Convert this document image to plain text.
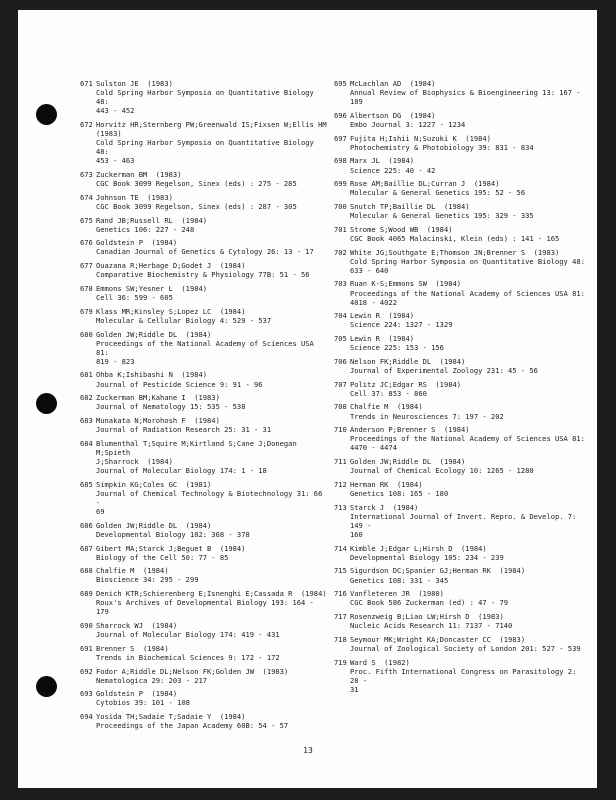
671 Sulston JE  (1983)
Cold Spring Harbor Symposia on Quantitative Biology 48:
443 - 452
672 Horvitz HR;Sternberg PW;Greenwald IS;Fixsen W;Ellis HM
(1983)
Cold Spring Harbor Symposia on Quantitative Biology 48:
453 - 463
673 Zuckerman BM  (1983)
CGC Book 3099 Regelson, Sinex (eds) : 275 - 285
674 Johnson TE  (1983)
CGC Book 3099 Regelson, Sinex (eds) : 287 - 305
675 Rand JB;Russell RL  (1984)
Genetics 106: 227 - 248
676 Goldstein P  (1984)
Canadian Journal of Genetics & Cytology 26: 13 - 17
677 Ouazana R;Herbage D;Godet J  (1984)
Comparative Biochemistry & Physiology 77B: 51 - 56
678 Emmons SW;Yesner L  (1984)
Cell 36: 599 - 605
679 Klass MR;Kinsley S;Lopez LC  (1984)
Molecular & Cellular Biology 4: 529 - 537
680 Golden JW;Riddle DL  (1984)
Proceedings of the National Academy of Sciences USA 81:
819 - 823
681 Ohba K;Ishibashi N  (1984)
Journal of Pesticide Science 9: 91 - 96
682 Zuckerman BM;Kahane I  (1983)
Journal of Nematology 15: 535 - 538
683 Munakata N;Morohosh F  (1984)
Journal of Radiation Research 25: 31 - 31
684 Blumenthal T;Squire M;Kirtland S;Cane J;Donegan M;Spieth
J;Sharrock  (1984)
Journal of Molecular Biology 174: 1 - 18
685 Simpkin KG;Coles GC  (1981)
Journal of Chemical Technology & Biotechnology 31: 66 -
69
686 Golden JW;Riddle DL  (1984)
Developmental Biology 102: 368 - 378
687 Gibert MA;Starck J;Beguet B  (1984)
Biology of the Cell 50: 77 - 85
688 Chalfie M  (1984)
Bioscience 34: 295 - 299
689 Denich KTR;Schierenberg E;Isnenghi E;Cassada R  (1984)
Roux's Archives of Developmental Biology 193: 164 - 179
690 Sharrock WJ  (1984)
Journal of Molecular Biology 174: 419 - 431
691 Brenner S  (1984)
Trends in Biochemical Sciences 9: 172 - 172
692 Fodor A;Riddle DL;Nelson FK;Golden JW  (1983)
Nematologica 29: 203 - 217
693 Goldstein P  (1984)
Cytobios 39: 101 - 108
694 Yosida TH;Sadaie T;Sadaie Y  (1984)
Proceedings of the Japan Academy 60B: 54 - 57
695 McLachlan AD  (1984)
Annual Review of Biophysics & Bioengineering 13: 167 - 189
696 Albertson DG  (1984)
Embo Journal 3: 1227 - 1234
697 Fujita H;Ishii N;Suzuki K  (1984)
Photochemistry & Photobiology 39: 831 - 834
698 Marx JL  (1984)
Science 225: 40 - 42
699 Rose AM;Baillie DL;Curran J  (1984)
Molecular & General Genetics 195: 52 - 56
700 Snutch TP;Baillie DL  (1984)
Molecular & General Genetics 195: 329 - 335
701 Strome S;Wood WB  (1984)
CGC Book 4065 Malacinski, Klein (eds) : 141 - 165
702 White JG;Southgate E;Thomson JN;Brenner S  (1983)
Cold Spring Harbor Symposia on Quantitative Biology 48:
633 - 640
703 Ruan K-S;Emmons SW  (1984)
Proceedings of the National Academy of Sciences USA 81:
4018 - 4022
704 Lewin R  (1984)
Science 224: 1327 - 1329
705 Lewin R  (1984)
Science 225: 153 - 156
706 Nelson FK;Riddle DL  (1984)
Journal of Experimental Zoology 231: 45 - 56
707 Politz JC;Edgar RS  (1984)
Cell 37: 853 - 860
708 Chalfie M  (1984)
Trends in Neurosciences 7: 197 - 202
710 Anderson P;Brenner S  (1984)
Proceedings of the National Academy of Sciences USA 81:
4470 - 4474
711 Golden JW;Riddle DL  (1984)
Journal of Chemical Ecology 10: 1265 - 1280
712 Herman RK  (1984)
Genetics 108: 165 - 180
713 Starck J  (1984)
International Journal of Invert. Repro. & Develop. 7: 149 -
160
714 Kimble J;Edgar L;Hirsh D  (1984)
Developmental Biology 105: 234 - 239
715 Sigurdson DC;Spanier GJ;Herman RK  (1984)
Genetics 108: 331 - 345
716 Vanfleteren JR  (1980)
CGC Book 586 Zuckerman (ed) : 47 - 79
717 Rosenzweig B;Liao LW;Hirsh D  (1983)
Nucleic Acids Research 11: 7137 - 7140
718 Seymour MK;Wright KA;Doncaster CC  (1983)
Journal of Zoological Society of London 201: 527 - 539
719 Ward S  (1982)
Proc. Fifth International Congress on Parasitology 2: 28 -
31
13
